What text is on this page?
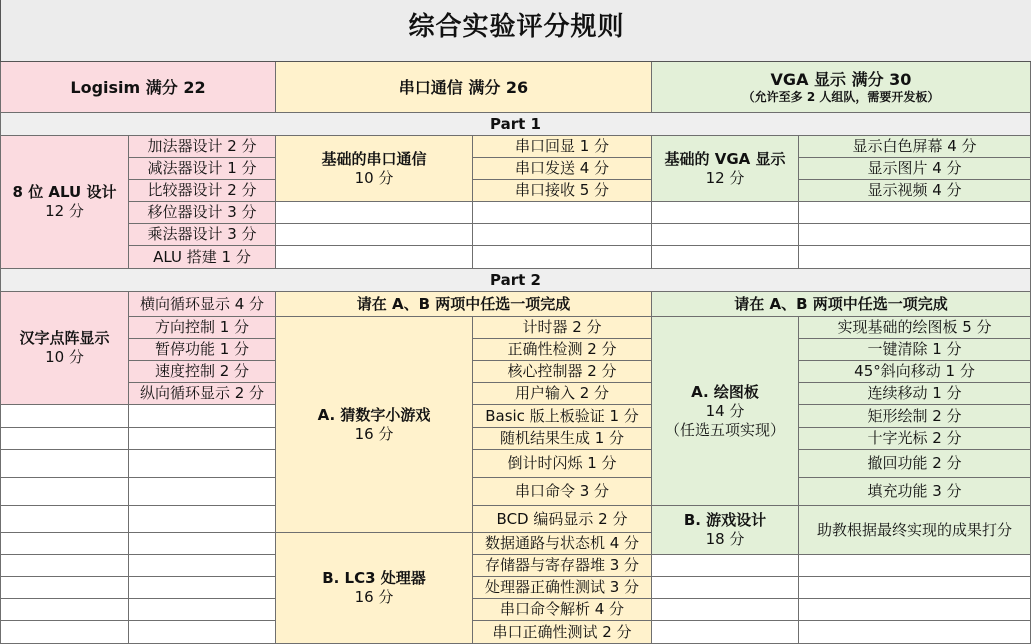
综合实验评分规则
Logisim 满分 22	串口通信 满分 26	VGA 显示 满分 30
（允许至多 2 人组队，需要开发板）
Part 1
8 位 ALU 设计
12 分
加法器设计 2 分
减法器设计 1 分
比较器设计 2 分
移位器设计 3 分
乘法器设计 3 分
ALU 搭建 1 分
基础的串口通信
10 分
串口回显 1 分
串口发送 4 分
串口接收 5 分
基础的 VGA 显示
12 分
显示白色屏幕 4 分
显示图片 4 分
显示视频 4 分
Part 2
汉字点阵显示
10 分
横向循环显示 4 分
方向控制 1 分
暂停功能 1 分
速度控制 2 分
纵向循环显示 2 分
请在 A、B 两项中任选一项完成
A. 猜数字小游戏
16 分
计时器 2 分
正确性检测 2 分
核心控制器 2 分
用户输入 2 分
Basic 版上板验证 1 分
随机结果生成 1 分
倒计时闪烁 1 分
串口命令 3 分
BCD 编码显示 2 分
B. LC3 处理器
16 分
数据通路与状态机 4 分
存储器与寄存器堆 3 分
处理器正确性测试 3 分
串口命令解析 4 分
串口正确性测试 2 分
请在 A、B 两项中任选一项完成
A. 绘图板
14 分
（任选五项实现）
实现基础的绘图板 5 分
一键清除 1 分
45°斜向移动 1 分
连续移动 1 分
矩形绘制 2 分
十字光标 2 分
撤回功能 2 分
填充功能 3 分
B. 游戏设计
18 分
助教根据最终实现的成果打分
